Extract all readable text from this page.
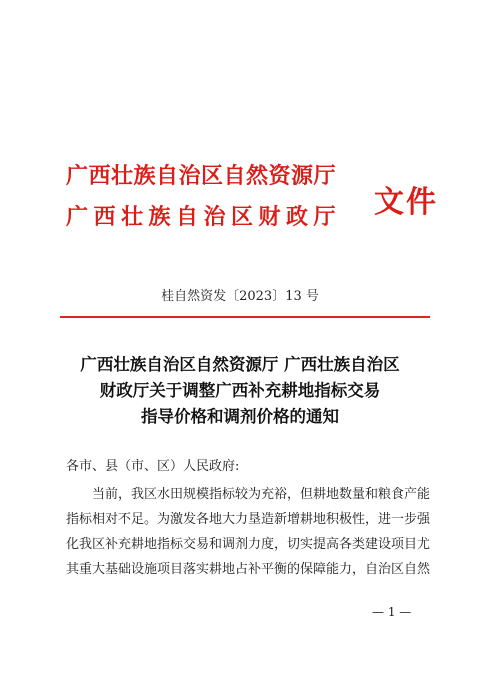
广西壮族自治区自然资源厅
广西壮族自治区财政厅 文件
桂自然资发〔2023〕13 号
广西壮族自治区自然资源厅 广西壮族自治区
财政厅关于调整广西补充耕地指标交易
指导价格和调剂价格的通知
各市、县（市、区）人民政府:
当前，我区水田规模指标较为充裕，但耕地数量和粮食产能
指标相对不足。为激发各地大力垦造新增耕地积极性，进一步强
化我区补充耕地指标交易和调剂力度，切实提高各类建设项目尤
其重大基础设施项目落实耕地占补平衡的保障能力，自治区自然
— 1 —
